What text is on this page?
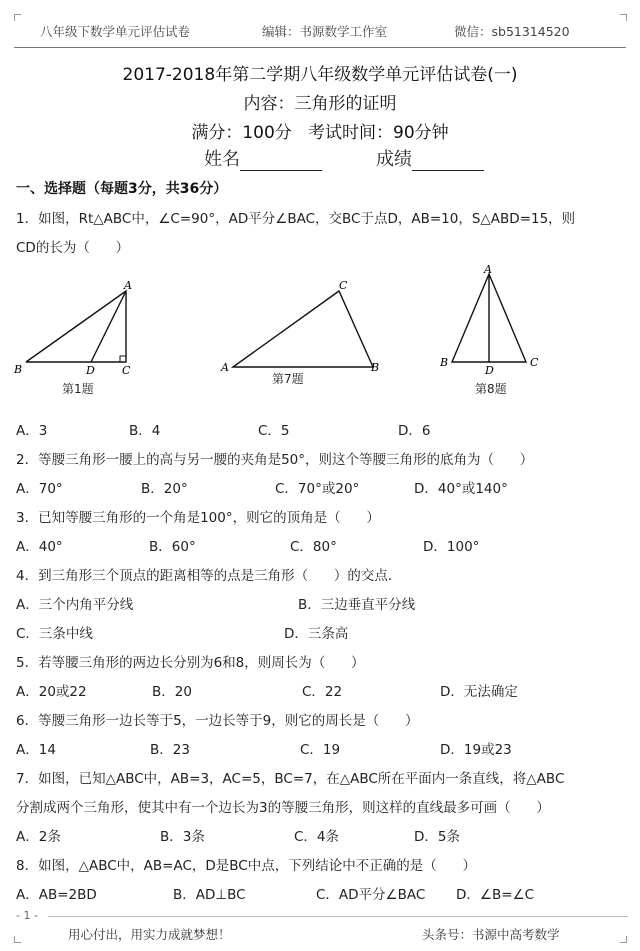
八年级下数学单元评估试卷	编辑：书源数学工作室	微信：sb51314520
2017-2018年第二学期八年级数学单元评估试卷(一)
内容：三角形的证明
满分：100分   考试时间：90分钟
姓名	成绩
一、选择题（每题3分，共36分）
1．如图，Rt△ABC中，∠C=90°，AD平分∠BAC，交BC于点D，AB=10，S△ABD=15，则
CD的长为（      ）
A
B	D C
第1题
C
A	B
第7题
A
B
D
C
第8题
A．3	B．4	C．5	D．6
2．等腰三角形一腰上的高与另一腰的夹角是50°，则这个等腰三角形的底角为（      ）
A．70°	B．20°	C．70°或20°	D．40°或140°
3．已知等腰三角形的一个角是100°，则它的顶角是（      ）
A．40°	B．60°	C．80°	D．100°
4．到三角形三个顶点的距离相等的点是三角形（      ）的交点．
A．三个内角平分线	B．三边垂直平分线
C．三条中线	D．三条高
5．若等腰三角形的两边长分别为6和8，则周长为（      ）
A．20或22	B．20	C．22	D．无法确定
6．等腰三角形一边长等于5，一边长等于9，则它的周长是（      ）
A．14	B．23	C．19	D．19或23
7．如图，已知△ABC中，AB=3，AC=5，BC=7，在△ABC所在平面内一条直线，将△ABC
分割成两个三角形，使其中有一个边长为3的等腰三角形，则这样的直线最多可画（      ）
A．2条	B．3条	C．4条	D．5条
8．如图，△ABC中，AB=AC，D是BC中点，下列结论中不正确的是（      ）
A．AB=2BD	B．AD⊥BC	C．AD平分∠BAC D．∠B=∠C
- 1 -
用心付出，用实力成就梦想！	头条号：书源中高考数学
